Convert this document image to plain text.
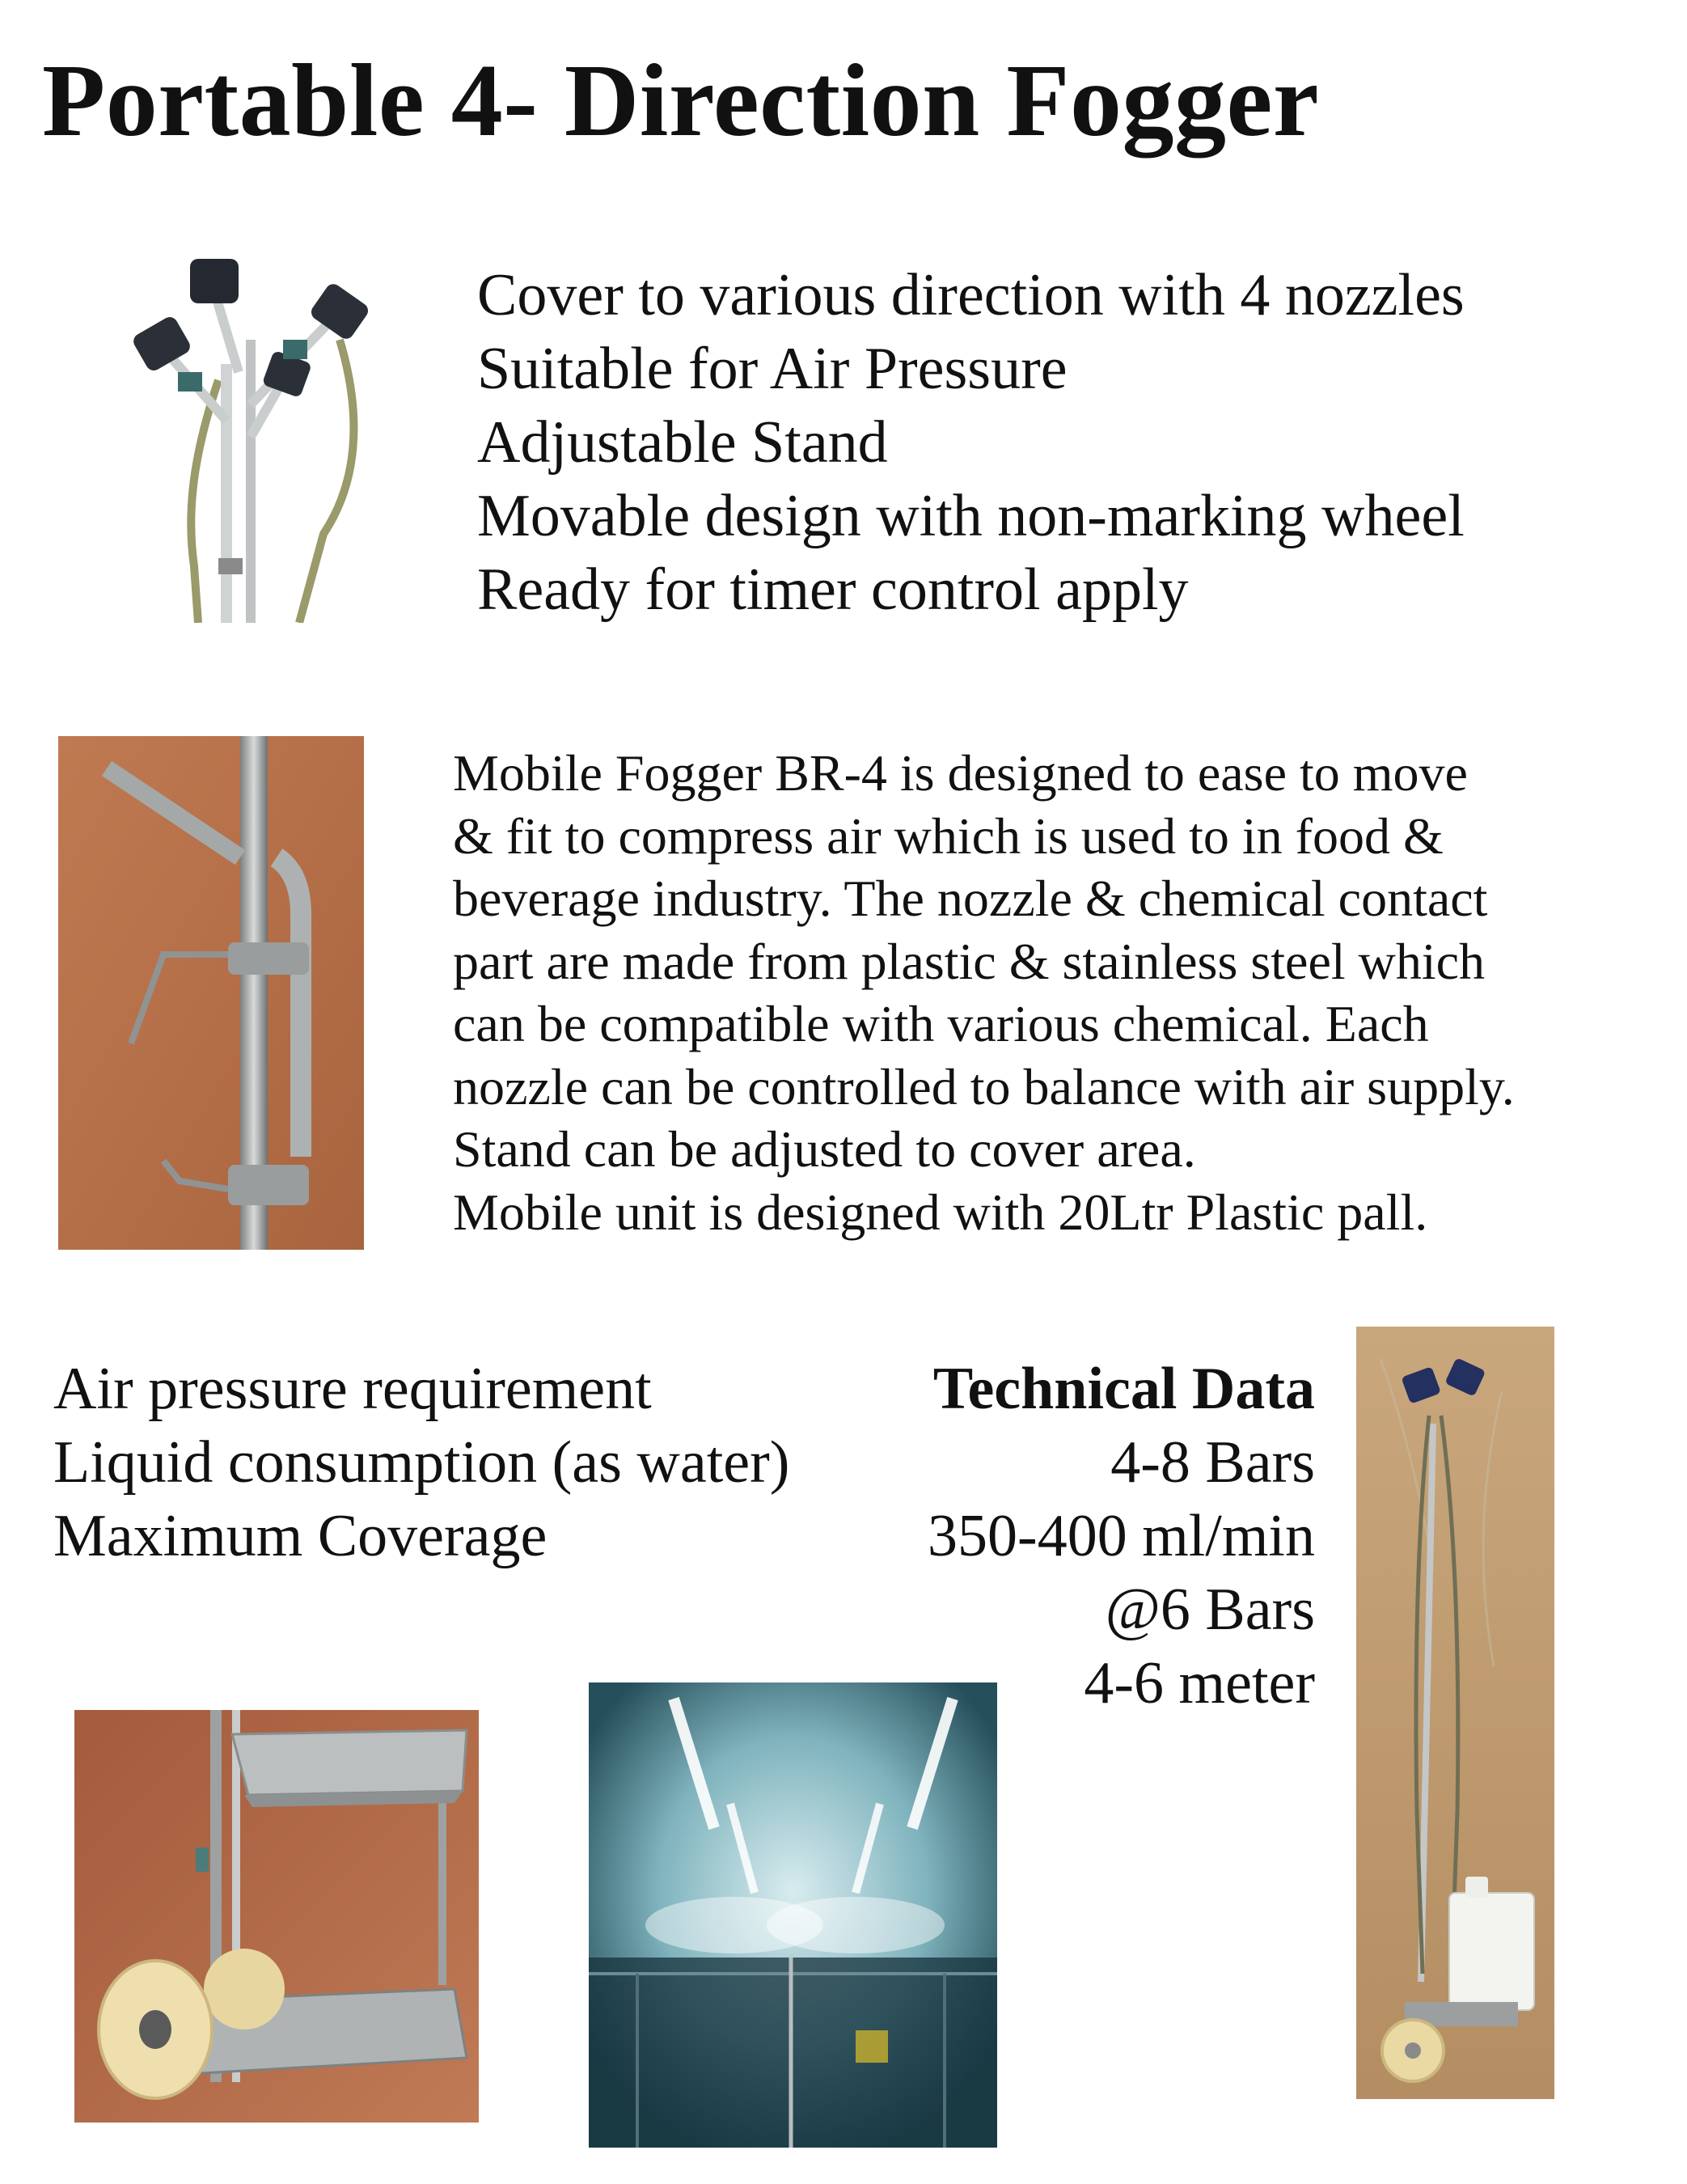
Portable 4- Direction Fogger
Cover to various direction with 4 nozzles
Suitable for Air Pressure
Adjustable Stand
Movable design with non-marking wheel
Ready for timer control apply
Mobile Fogger BR-4 is designed to ease to move
& fit to compress air which is used to in food &
beverage industry. The nozzle & chemical contact
part are made from plastic & stainless steel which
can be compatible with various chemical. Each
nozzle can be controlled to balance with air supply.
Stand can be adjusted to cover area.
Mobile unit is designed with 20Ltr Plastic pall.
Air pressure requirement
Liquid consumption (as water)
Maximum Coverage
Technical Data
4-8 Bars
350-400 ml/min
@6 Bars
4-6 meter
